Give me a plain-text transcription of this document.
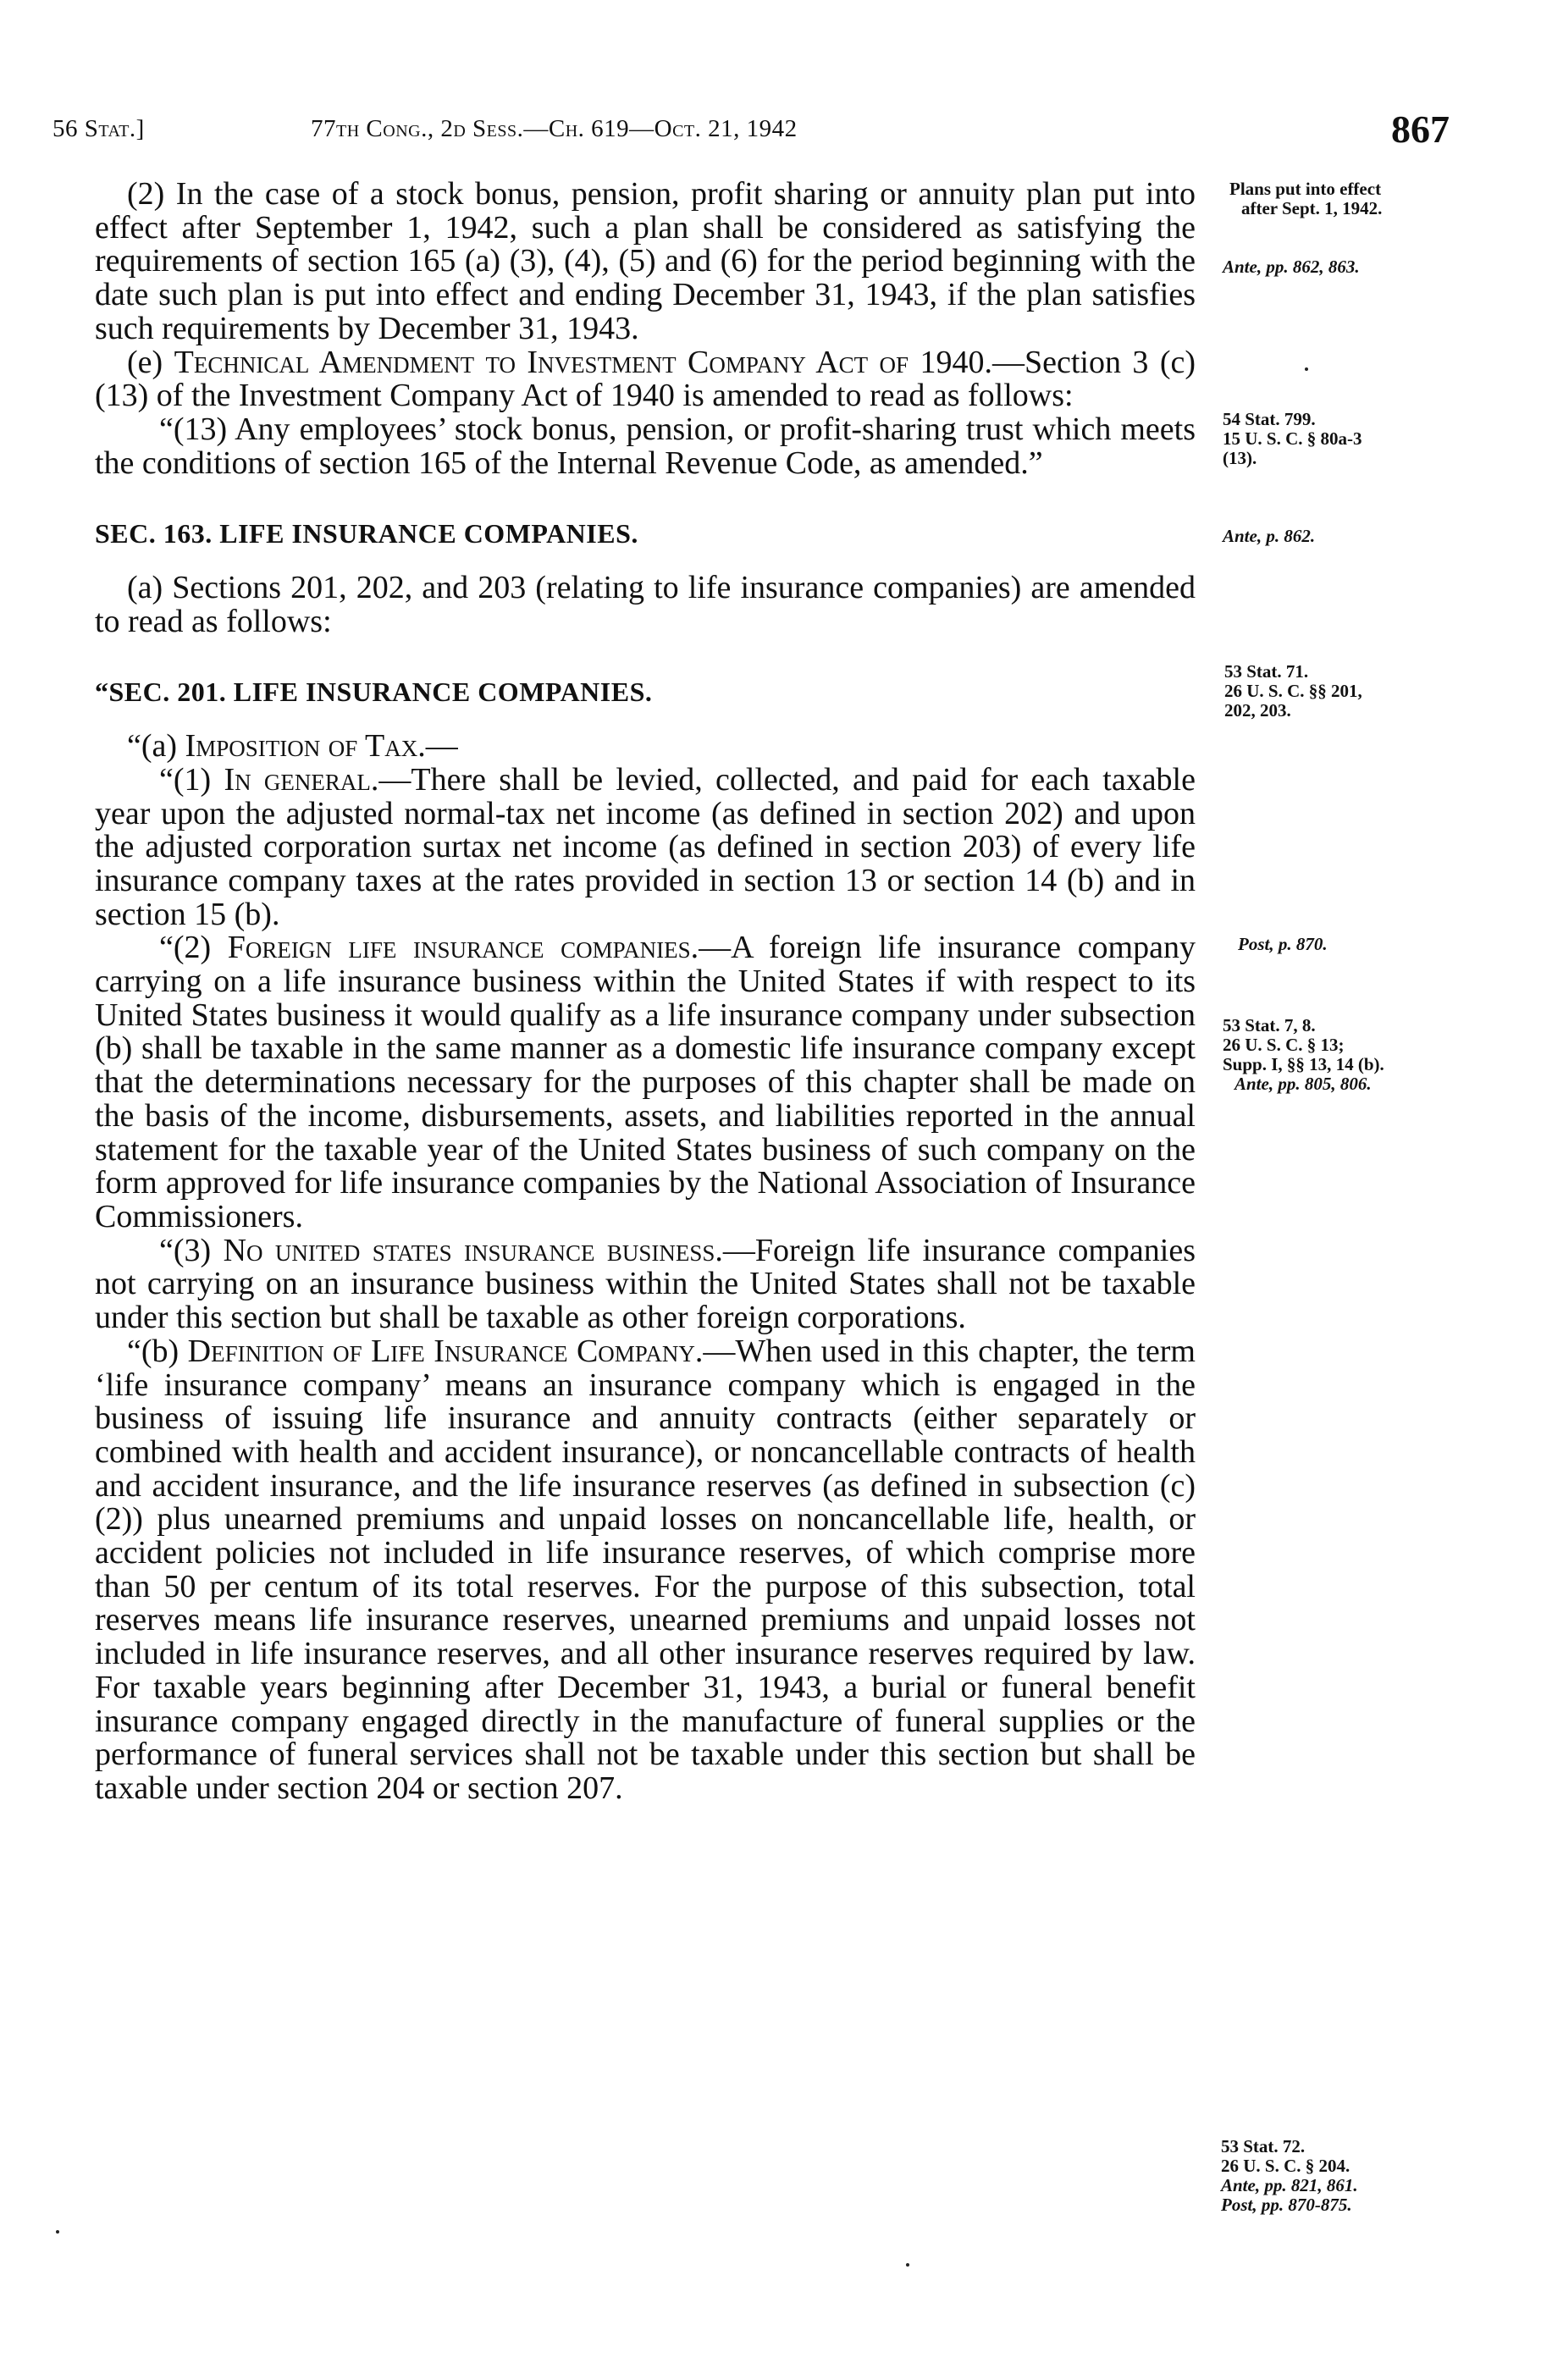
56 Stat.]	77th Cong., 2d Sess.—Ch. 619—Oct. 21, 1942	867

(2) In the case of a stock bonus, pension, profit sharing or annuity plan put into effect after September 1, 1942, such a plan shall be considered as satisfying the requirements of section 165 (a) (3), (4), (5) and (6) for the period beginning with the date such plan is put into effect and ending December 31, 1943, if the plan satisfies such requirements by December 31, 1943.

(e) Technical Amendment to Investment Company Act of 1940.—Section 3 (c) (13) of the Investment Company Act of 1940 is amended to read as follows:

“(13) Any employees’ stock bonus, pension, or profit-sharing trust which meets the conditions of section 165 of the Internal Revenue Code, as amended.”

SEC. 163. LIFE INSURANCE COMPANIES.

(a) Sections 201, 202, and 203 (relating to life insurance companies) are amended to read as follows:

“SEC. 201. LIFE INSURANCE COMPANIES.

“(a) Imposition of Tax.—

“(1) In general.—There shall be levied, collected, and paid for each taxable year upon the adjusted normal-tax net income (as defined in section 202) and upon the adjusted corporation surtax net income (as defined in section 203) of every life insurance company taxes at the rates provided in section 13 or section 14 (b) and in section 15 (b).

“(2) Foreign life insurance companies.—A foreign life insurance company carrying on a life insurance business within the United States if with respect to its United States business it would qualify as a life insurance company under subsection (b) shall be taxable in the same manner as a domestic life insurance company except that the determinations necessary for the purposes of this chapter shall be made on the basis of the income, disbursements, assets, and liabilities reported in the annual statement for the taxable year of the United States business of such company on the form approved for life insurance companies by the National Association of Insurance Commissioners.

“(3) No united states insurance business.—Foreign life insurance companies not carrying on an insurance business within the United States shall not be taxable under this section but shall be taxable as other foreign corporations.

“(b) Definition of Life Insurance Company.—When used in this chapter, the term ‘life insurance company’ means an insurance company which is engaged in the business of issuing life insurance and annuity contracts (either separately or combined with health and accident insurance), or noncancellable contracts of health and accident insurance, and the life insurance reserves (as defined in subsection (c) (2)) plus unearned premiums and unpaid losses on noncancellable life, health, or accident policies not included in life insurance reserves, of which comprise more than 50 per centum of its total reserves. For the purpose of this subsection, total reserves means life insurance reserves, unearned premiums and unpaid losses not included in life insurance reserves, and all other insurance reserves required by law. For taxable years beginning after December 31, 1943, a burial or funeral benefit insurance company engaged directly in the manufacture of funeral supplies or the performance of funeral services shall not be taxable under this section but shall be taxable under section 204 or section 207.

Plans put into effect
after Sept. 1, 1942.
Ante, pp. 862, 863.
54 Stat. 799.
15 U. S. C. § 80a-3
(13).
Ante, p. 862.
53 Stat. 71.
26 U. S. C. §§ 201,
202, 203.
Post, p. 870.
53 Stat. 7, 8.
26 U. S. C. § 13;
Supp. I, §§ 13, 14 (b).
Ante, pp. 805, 806.
53 Stat. 72.
26 U. S. C. § 204.
Ante, pp. 821, 861.
Post, pp. 870-875.
